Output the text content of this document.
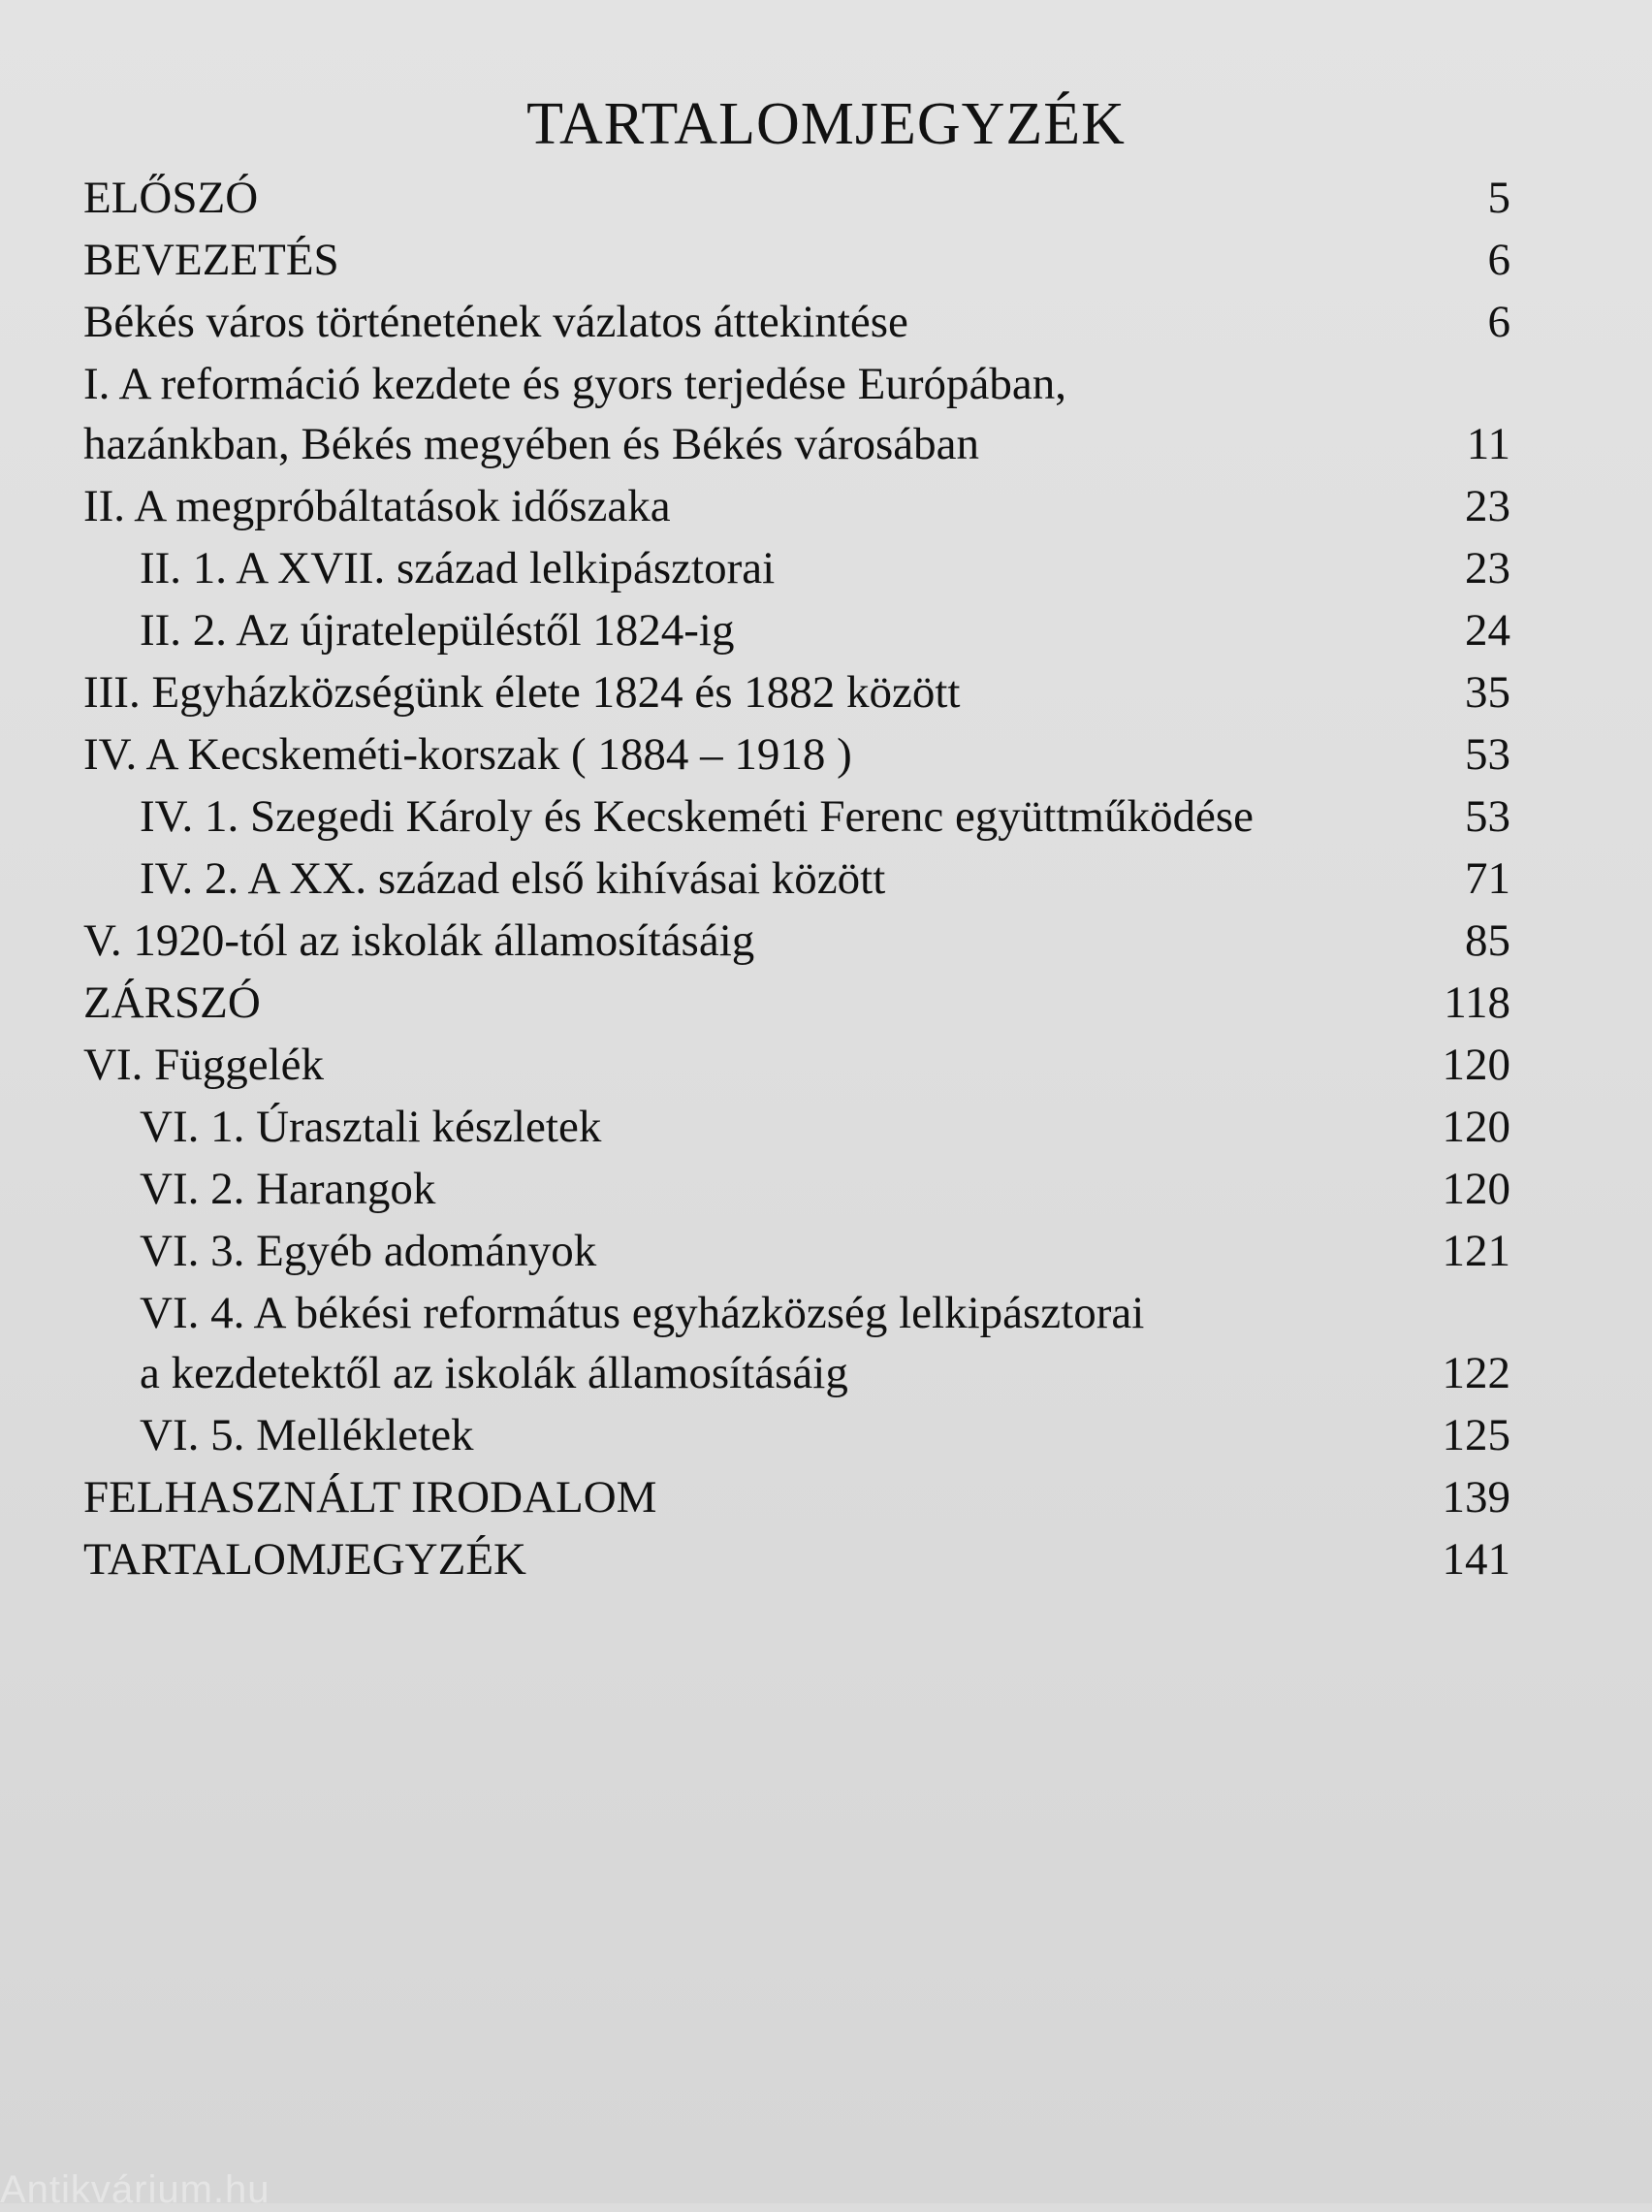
TARTALOMJEGYZÉK
ELŐSZÓ	5
BEVEZETÉS	6
Békés város történetének vázlatos áttekintése	6
I. A reformáció kezdete és gyors terjedése Európában,
hazánkban, Békés megyében és Békés városában	11
II. A megpróbáltatások időszaka	23
II. 1. A XVII. század lelkipásztorai	23
II. 2. Az újratelepüléstől 1824-ig	24
III. Egyházközségünk élete 1824 és 1882 között	35
IV. A Kecskeméti-korszak ( 1884 – 1918 )	53
IV. 1. Szegedi Károly és Kecskeméti Ferenc együttműködése	53
IV. 2. A XX. század első kihívásai között	71
V. 1920-tól az iskolák államosításáig	85
ZÁRSZÓ	118
VI. Függelék	120
VI. 1. Úrasztali készletek	120
VI. 2. Harangok	120
VI. 3. Egyéb adományok	121
VI. 4. A békési református egyházközség lelkipásztorai
a kezdetektől az iskolák államosításáig	122
VI. 5. Mellékletek	125
FELHASZNÁLT IRODALOM	139
TARTALOMJEGYZÉK	141
Antikvárium.hu
